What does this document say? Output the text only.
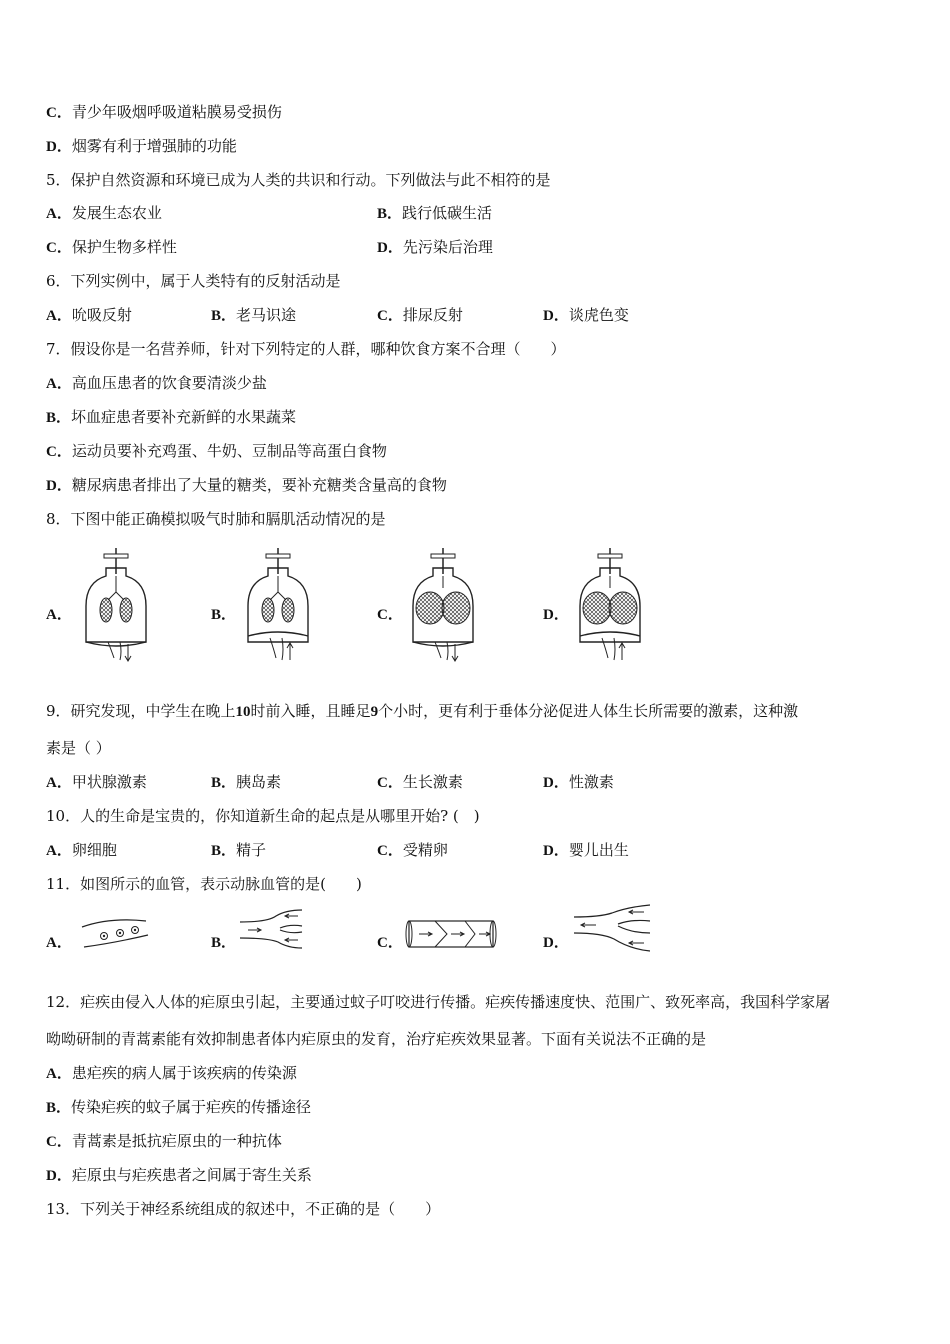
C．青少年吸烟呼吸道粘膜易受损伤
D．烟雾有利于增强肺的功能
5．保护自然资源和环境已成为人类的共识和行动。下列做法与此不相符的是
A．发展生态农业	B．践行低碳生活
C．保护生物多样性	D．先污染后治理
6．下列实例中，属于人类特有的反射活动是
A．吮吸反射	B．老马识途	C．排尿反射	D．谈虎色变
7．假设你是一名营养师，针对下列特定的人群，哪种饮食方案不合理（　　）
A．高血压患者的饮食要清淡少盐
B．坏血症患者要补充新鲜的水果蔬菜
C．运动员要补充鸡蛋、牛奶、豆制品等高蛋白食物
D．糖尿病患者排出了大量的糖类，要补充糖类含量高的食物
8．下图中能正确模拟吸气时肺和膈肌活动情况的是
A．	B．	C．	D．
9．研究发现，中学生在晚上10时前入睡，且睡足9个小时，更有利于垂体分泌促进人体生长所需要的激素，这种激
素是（ ）
A．甲状腺激素	B．胰岛素	C．生长激素	D．性激素
10．人的生命是宝贵的，你知道新生命的起点是从哪里开始? (　)
A．卵细胞	B．精子	C．受精卵	D．婴儿出生
11．如图所示的血管，表示动脉血管的是(　　)
A．	B．	C．	D．
12．疟疾由侵入人体的疟原虫引起，主要通过蚊子叮咬进行传播。疟疾传播速度快、范围广、致死率高，我国科学家屠
呦呦研制的青蒿素能有效抑制患者体内疟原虫的发育，治疗疟疾效果显著。下面有关说法不正确的是
A．患疟疾的病人属于该疾病的传染源
B．传染疟疾的蚊子属于疟疾的传播途径
C．青蒿素是抵抗疟原虫的一种抗体
D．疟原虫与疟疾患者之间属于寄生关系
13．下列关于神经系统组成的叙述中，不正确的是（　　）
